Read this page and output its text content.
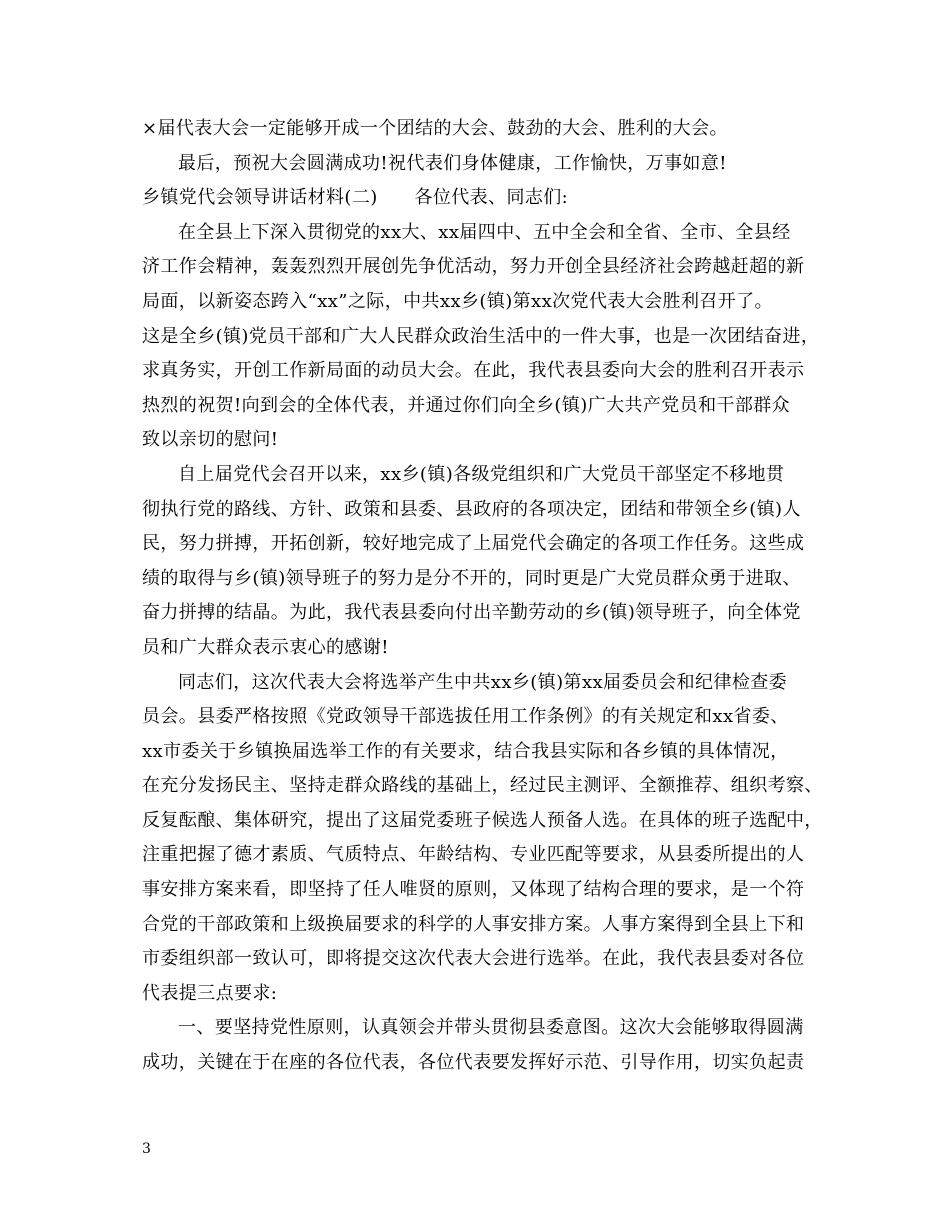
×届代表大会一定能够开成一个团结的大会、鼓劲的大会、胜利的大会。
最后，预祝大会圆满成功!祝代表们身体健康，工作愉快，万事如意!
乡镇党代会领导讲话材料(二)　　各位代表、同志们:
在全县上下深入贯彻党的xx大、xx届四中、五中全会和全省、全市、全县经
济工作会精神，轰轰烈烈开展创先争优活动，努力开创全县经济社会跨越赶超的新
局面，以新姿态跨入“xx”之际，中共xx乡(镇)第xx次党代表大会胜利召开了。
这是全乡(镇)党员干部和广大人民群众政治生活中的一件大事，也是一次团结奋进，
求真务实，开创工作新局面的动员大会。在此，我代表县委向大会的胜利召开表示
热烈的祝贺!向到会的全体代表，并通过你们向全乡(镇)广大共产党员和干部群众
致以亲切的慰问!
自上届党代会召开以来，xx乡(镇)各级党组织和广大党员干部坚定不移地贯
彻执行党的路线、方针、政策和县委、县政府的各项决定，团结和带领全乡(镇)人
民，努力拼搏，开拓创新，较好地完成了上届党代会确定的各项工作任务。这些成
绩的取得与乡(镇)领导班子的努力是分不开的，同时更是广大党员群众勇于进取、
奋力拼搏的结晶。为此，我代表县委向付出辛勤劳动的乡(镇)领导班子，向全体党
员和广大群众表示衷心的感谢!
同志们，这次代表大会将选举产生中共xx乡(镇)第xx届委员会和纪律检查委
员会。县委严格按照《党政领导干部选拔任用工作条例》的有关规定和xx省委、
xx市委关于乡镇换届选举工作的有关要求，结合我县实际和各乡镇的具体情况，
在充分发扬民主、坚持走群众路线的基础上，经过民主测评、全额推荐、组织考察、
反复酝酿、集体研究，提出了这届党委班子候选人预备人选。在具体的班子选配中，
注重把握了德才素质、气质特点、年龄结构、专业匹配等要求，从县委所提出的人
事安排方案来看，即坚持了任人唯贤的原则，又体现了结构合理的要求，是一个符
合党的干部政策和上级换届要求的科学的人事安排方案。人事方案得到全县上下和
市委组织部一致认可，即将提交这次代表大会进行选举。在此，我代表县委对各位
代表提三点要求:
一、要坚持党性原则，认真领会并带头贯彻县委意图。这次大会能够取得圆满
成功，关键在于在座的各位代表，各位代表要发挥好示范、引导作用，切实负起责
3
